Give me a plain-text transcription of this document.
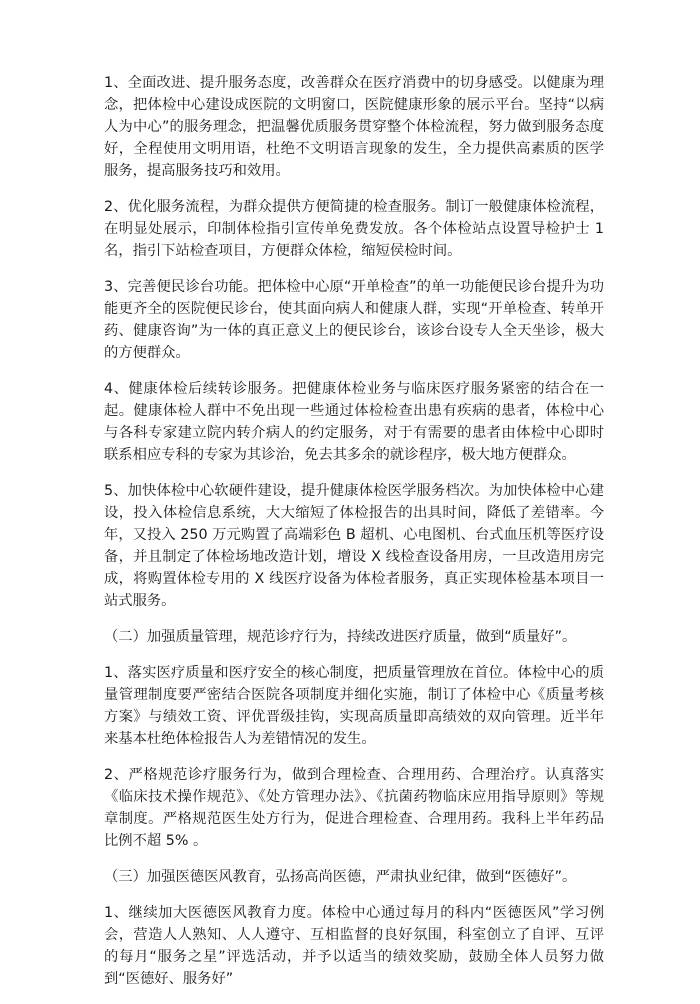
1、全面改进、提升服务态度，改善群众在医疗消费中的切身感受。以健康为理念，把体检中心建设成医院的文明窗口，医院健康形象的展示平台。坚持“以病人为中心”的服务理念，把温馨优质服务贯穿整个体检流程，努力做到服务态度好，全程使用文明用语，杜绝不文明语言现象的发生，全力提供高素质的医学服务，提高服务技巧和效用。

2、优化服务流程，为群众提供方便简捷的检查服务。制订一般健康体检流程，在明显处展示，印制体检指引宣传单免费发放。各个体检站点设置导检护士 1 名，指引下站检查项目，方便群众体检，缩短侯检时间。

3、完善便民诊台功能。把体检中心原“开单检查”的单一功能便民诊台提升为功能更齐全的医院便民诊台，使其面向病人和健康人群，实现“开单检查、转单开药、健康咨询”为一体的真正意义上的便民诊台，该诊台设专人全天坐诊，极大的方便群众。

4、健康体检后续转诊服务。把健康体检业务与临床医疗服务紧密的结合在一起。健康体检人群中不免出现一些通过体检检查出患有疾病的患者，体检中心与各科专家建立院内转介病人的约定服务，对于有需要的患者由体检中心即时联系相应专科的专家为其诊治，免去其多余的就诊程序，极大地方便群众。

5、加快体检中心软硬件建设，提升健康体检医学服务档次。为加快体检中心建设，投入体检信息系统，大大缩短了体检报告的出具时间，降低了差错率。今年，又投入 250 万元购置了高端彩色 B 超机、心电图机、台式血压机等医疗设备，并且制定了体检场地改造计划，增设 X 线检查设备用房，一旦改造用房完成，将购置体检专用的 X 线医疗设备为体检者服务，真正实现体检基本项目一站式服务。

（二）加强质量管理，规范诊疗行为，持续改进医疗质量，做到“质量好”。

1、落实医疗质量和医疗安全的核心制度，把质量管理放在首位。体检中心的质量管理制度要严密结合医院各项制度并细化实施，制订了体检中心《质量考核方案》与绩效工资、评优晋级挂钩，实现高质量即高绩效的双向管理。近半年来基本杜绝体检报告人为差错情况的发生。

2、严格规范诊疗服务行为，做到合理检查、合理用药、合理治疗。认真落实《临床技术操作规范》、《处方管理办法》、《抗菌药物临床应用指导原则》等规章制度。严格规范医生处方行为，促进合理检查、合理用药。我科上半年药品比例不超 5% 。

（三）加强医德医风教育，弘扬高尚医德，严肃执业纪律，做到“医德好”。

1、继续加大医德医风教育力度。体检中心通过每月的科内“医德医风”学习例会，营造人人熟知、人人遵守、互相监督的良好氛围，科室创立了自评、互评的每月“服务之星”评选活动，并予以适当的绩效奖励，鼓励全体人员努力做到“医德好、服务好”
